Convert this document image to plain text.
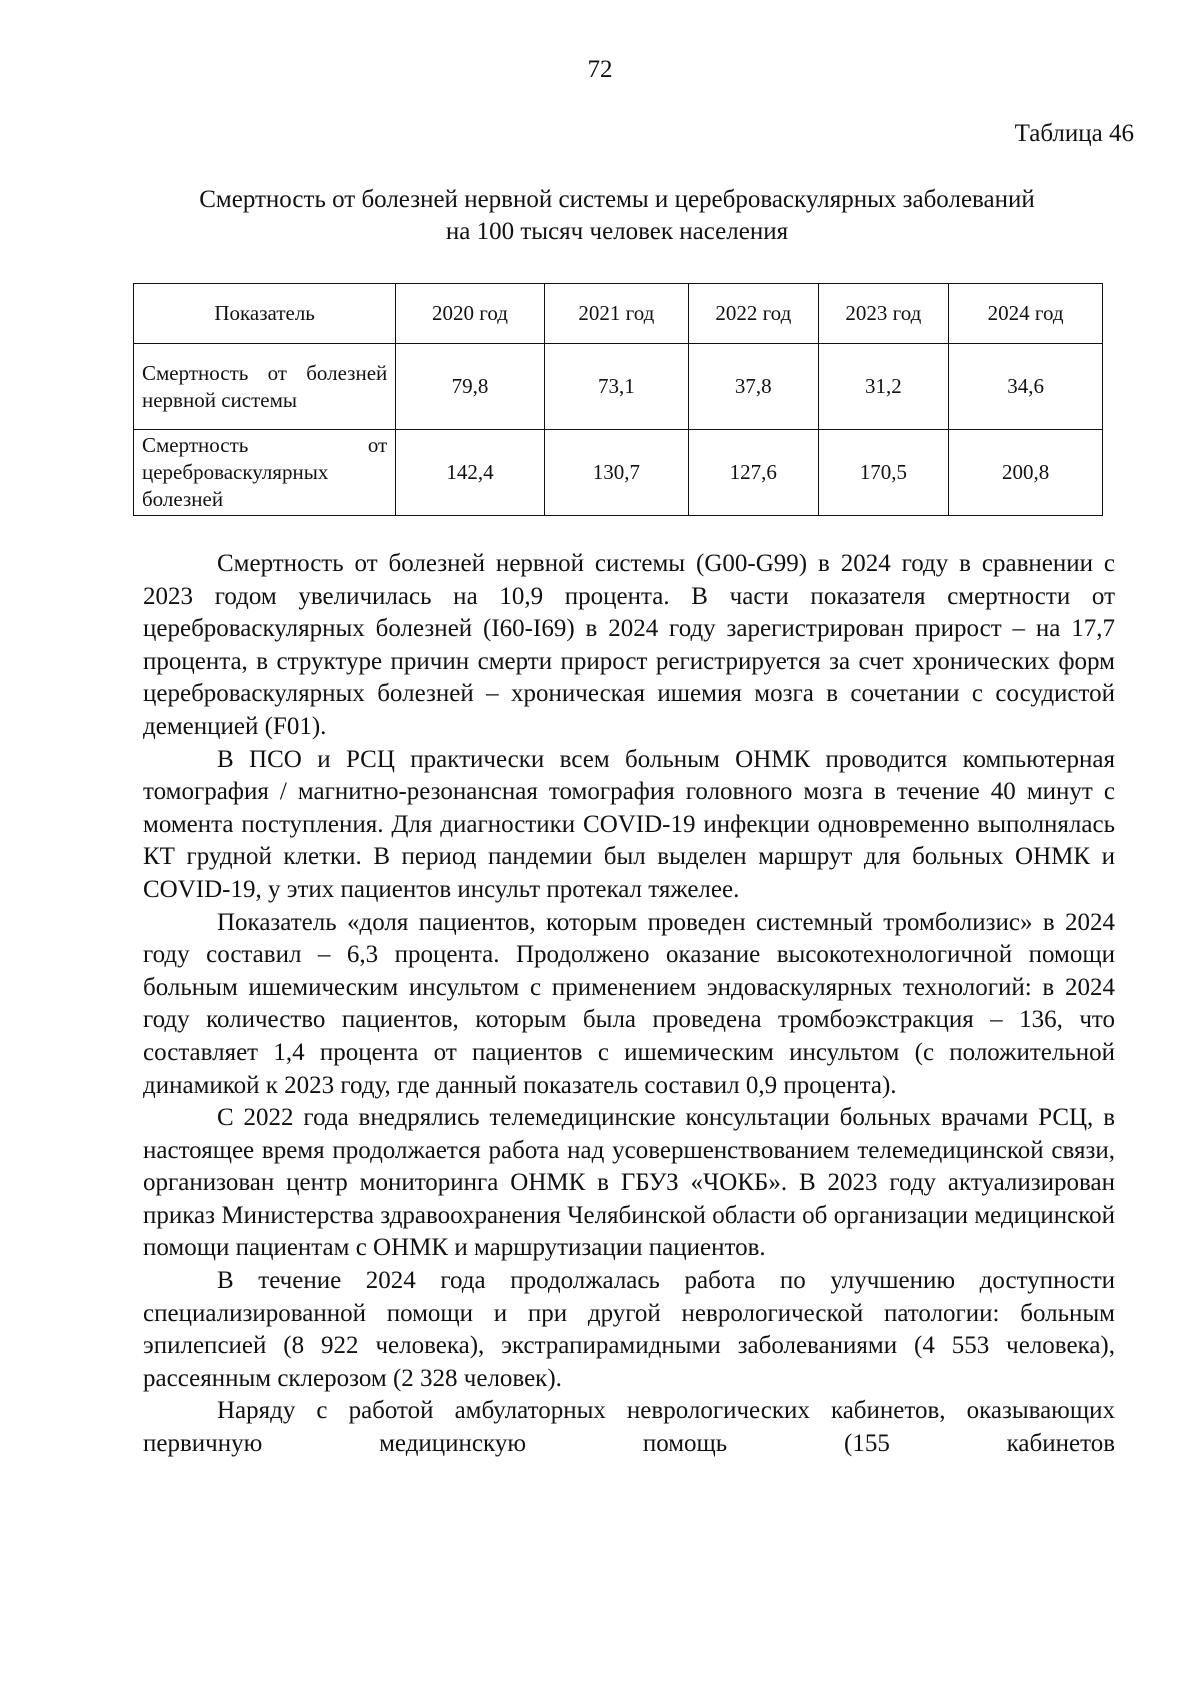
72
Таблица 46
Смертность от болезней нервной системы и цереброваскулярных заболеваний
на 100 тысяч человек населения
Показатель	2020 год	2021 год	2022 год	2023 год	2024 год
Смертность от болезней нервной системы	79,8	73,1	37,8	31,2	34,6
Смертность от цереброваскулярных болезней	142,4	130,7	127,6	170,5	200,8

Смертность от болезней нервной системы (G00-G99) в 2024 году в сравнении с 2023 годом увеличилась на 10,9 процента. В части показателя смертности от цереброваскулярных болезней (I60-I69) в 2024 году зарегистрирован прирост – на 17,7 процента, в структуре причин смерти прирост регистрируется за счет хронических форм цереброваскулярных болезней – хроническая ишемия мозга в сочетании с сосудистой деменцией (F01).

В ПСО и РСЦ практически всем больным ОНМК проводится компьютерная томография / магнитно-резонансная томография головного мозга в течение 40 минут с момента поступления. Для диагностики COVID-19 инфекции одновременно выполнялась КТ грудной клетки. В период пандемии был выделен маршрут для больных ОНМК и COVID-19, у этих пациентов инсульт протекал тяжелее.

Показатель «доля пациентов, которым проведен системный тромболизис» в 2024 году составил – 6,3 процента. Продолжено оказание высокотехнологичной помощи больным ишемическим инсультом с применением эндоваскулярных технологий: в 2024 году количество пациентов, которым была проведена тромбоэкстракция – 136, что составляет 1,4 процента от пациентов с ишемическим инсультом (с положительной динамикой к 2023 году, где данный показатель составил 0,9 процента).

С 2022 года внедрялись телемедицинские консультации больных врачами РСЦ, в настоящее время продолжается работа над усовершенствованием телемедицинской связи, организован центр мониторинга ОНМК в ГБУЗ «ЧОКБ». В 2023 году актуализирован приказ Министерства здравоохранения Челябинской области об организации медицинской помощи пациентам с ОНМК и маршрутизации пациентов.

В течение 2024 года продолжалась работа по улучшению доступности специализированной помощи и при другой неврологической патологии: больным эпилепсией (8 922 человека), экстрапирамидными заболеваниями (4 553 человека), рассеянным склерозом (2 328 человек).

Наряду с работой амбулаторных неврологических кабинетов, оказывающих первичную медицинскую помощь (155 кабинетов
